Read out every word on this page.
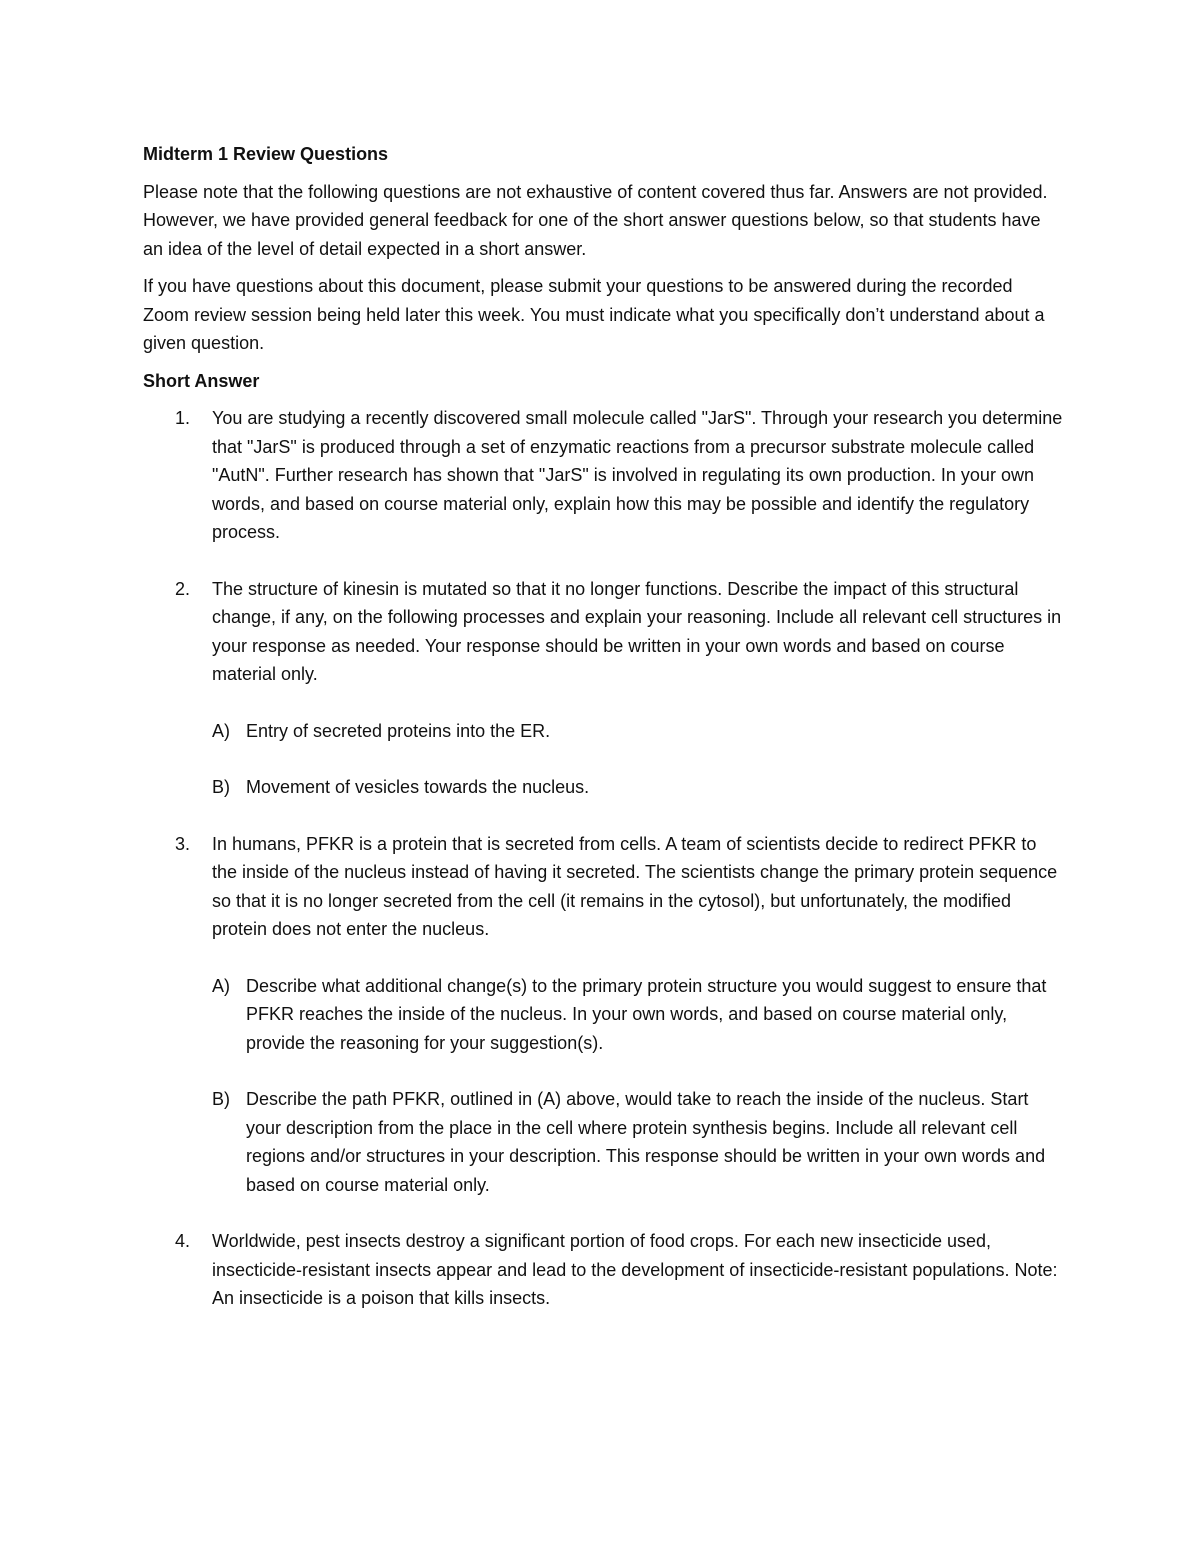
Midterm 1 Review Questions

Please note that the following questions are not exhaustive of content covered thus far. Answers are not provided. However, we have provided general feedback for one of the short answer questions below, so that students have an idea of the level of detail expected in a short answer.

If you have questions about this document, please submit your questions to be answered during the recorded Zoom review session being held later this week. You must indicate what you specifically don’t understand about a given question.

Short Answer
1.	You are studying a recently discovered small molecule called "JarS". Through your research you determine that "JarS" is produced through a set of enzymatic reactions from a precursor substrate molecule called "AutN". Further research has shown that "JarS" is involved in regulating its own production. In your own words, and based on course material only, explain how this may be possible and identify the regulatory process.
2.	The structure of kinesin is mutated so that it no longer functions. Describe the impact of this structural change, if any, on the following processes and explain your reasoning. Include all relevant cell structures in your response as needed. Your response should be written in your own words and based on course material only.
A) Entry of secreted proteins into the ER.
B) Movement of vesicles towards the nucleus.
3.	In humans, PFKR is a protein that is secreted from cells. A team of scientists decide to redirect PFKR to the inside of the nucleus instead of having it secreted. The scientists change the primary protein sequence so that it is no longer secreted from the cell (it remains in the cytosol), but unfortunately, the modified protein does not enter the nucleus.
A) Describe what additional change(s) to the primary protein structure you would suggest to ensure that PFKR reaches the inside of the nucleus. In your own words, and based on course material only, provide the reasoning for your suggestion(s).
B) Describe the path PFKR, outlined in (A) above, would take to reach the inside of the nucleus. Start your description from the place in the cell where protein synthesis begins. Include all relevant cell regions and/or structures in your description. This response should be written in your own words and based on course material only.
4.	Worldwide, pest insects destroy a significant portion of food crops. For each new insecticide used, insecticide-resistant insects appear and lead to the development of insecticide-resistant populations. Note: An insecticide is a poison that kills insects.
